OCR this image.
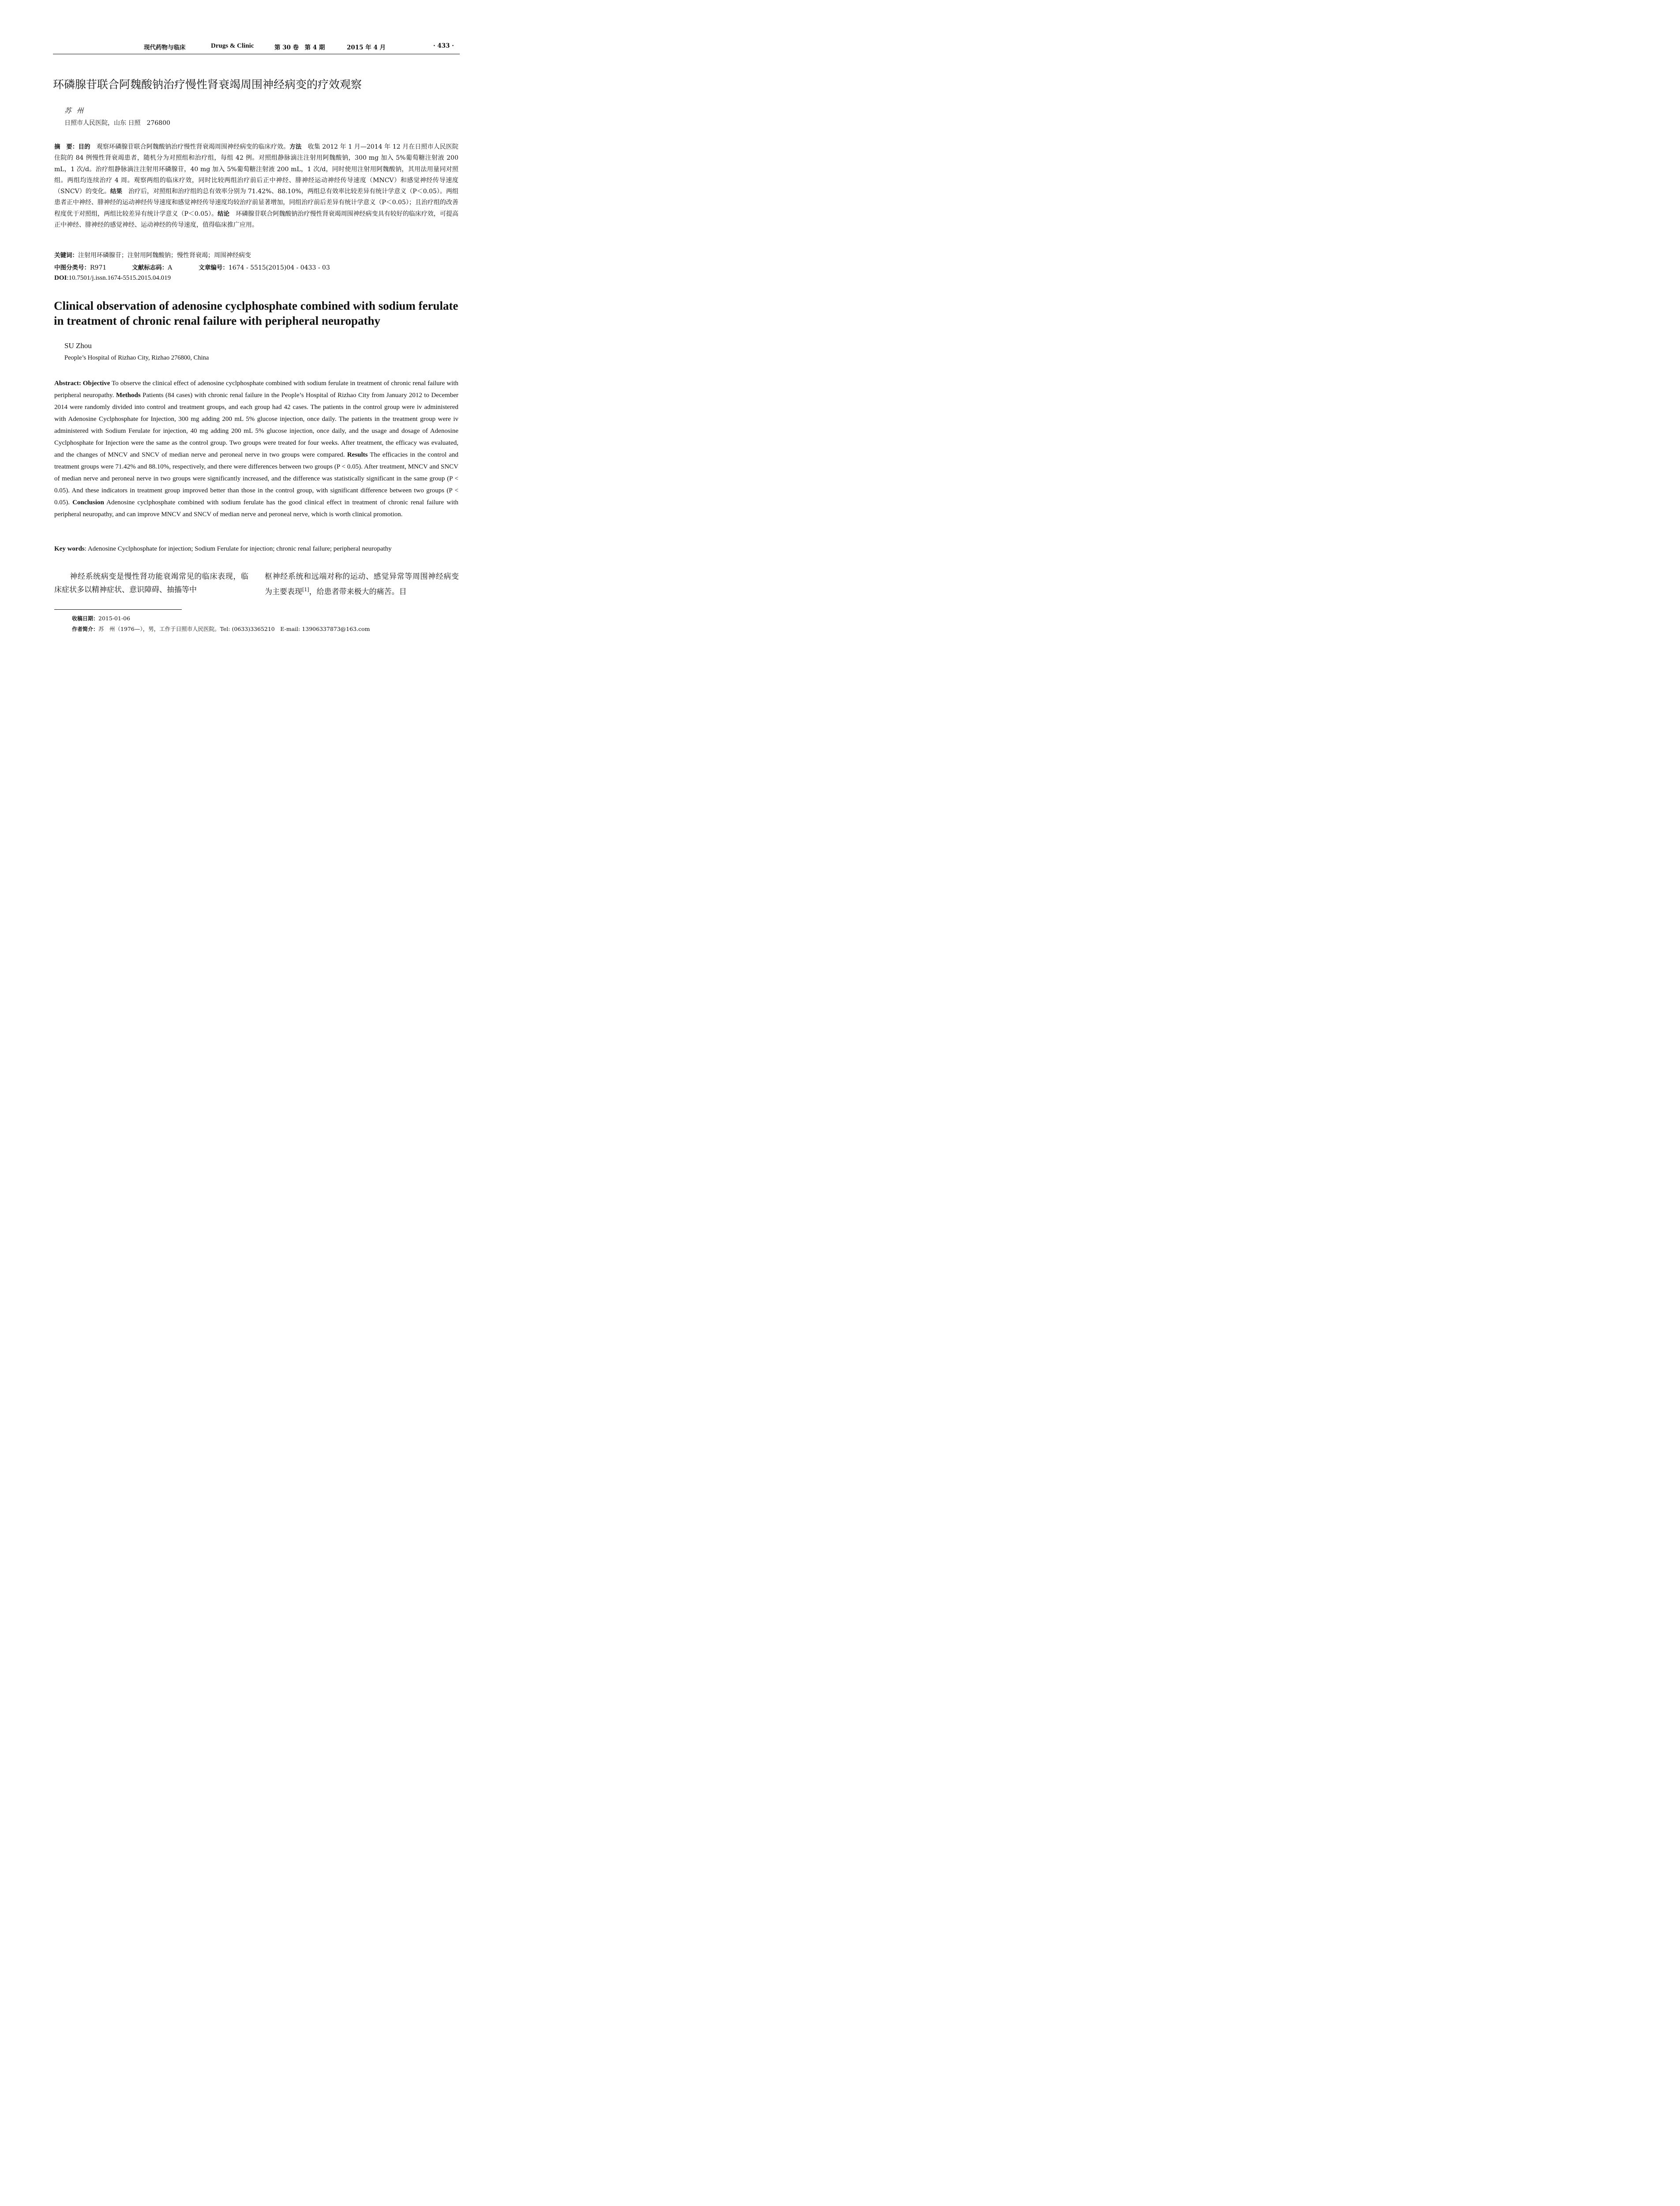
现代药物与临床	Drugs & Clinic	第 30 卷　第 4 期	2015 年 4 月	· 433 ·
环磷腺苷联合阿魏酸钠治疗慢性肾衰竭周围神经病变的疗效观察
苏州
日照市人民医院，山东 日照　276800
摘　要：目的　观察环磷腺苷联合阿魏酸钠治疗慢性肾衰竭周围神经病变的临床疗效。方法　收集 2012 年 1 月—2014 年 12 月在日照市人民医院住院的 84 例慢性肾衰竭患者，随机分为对照组和治疗组，每组 42 例。对照组静脉滴注注射用阿魏酸钠，300 mg 加入 5%葡萄糖注射液 200 mL，1 次/d。治疗组静脉滴注注射用环磷腺苷，40 mg 加入 5%葡萄糖注射液 200 mL，1 次/d，同时使用注射用阿魏酸钠，其用法用量同对照组。两组均连续治疗 4 周。观察两组的临床疗效，同时比较两组治疗前后正中神经、腓神经运动神经传导速度（MNCV）和感觉神经传导速度（SNCV）的变化。结果　治疗后，对照组和治疗组的总有效率分别为 71.42%、88.10%，两组总有效率比较差异有统计学意义（P＜0.05）。两组患者正中神经、腓神经的运动神经传导速度和感觉神经传导速度均较治疗前显著增加，同组治疗前后差异有统计学意义（P＜0.05）；且治疗组的改善程度优于对照组，两组比较差异有统计学意义（P＜0.05）。结论　环磷腺苷联合阿魏酸钠治疗慢性肾衰竭周围神经病变具有较好的临床疗效，可提高正中神经、腓神经的感觉神经、运动神经的传导速度，值得临床推广应用。
关键词：注射用环磷腺苷；注射用阿魏酸钠；慢性肾衰竭；周围神经病变
中图分类号：R971	文献标志码：A	文章编号：1674 - 5515(2015)04 - 0433 - 03
DOI:10.7501/j.issn.1674-5515.2015.04.019
Clinical observation of adenosine cyclphosphate combined with sodium ferulate in treatment of chronic renal failure with peripheral neuropathy
SU Zhou
People’s Hospital of Rizhao City, Rizhao 276800, China
Abstract: Objective To observe the clinical effect of adenosine cyclphosphate combined with sodium ferulate in treatment of chronic renal failure with peripheral neuropathy. Methods Patients (84 cases) with chronic renal failure in the People’s Hospital of Rizhao City from January 2012 to December 2014 were randomly divided into control and treatment groups, and each group had 42 cases. The patients in the control group were iv administered with Adenosine Cyclphosphate for Injection, 300 mg adding 200 mL 5% glucose injection, once daily. The patients in the treatment group were iv administered with Sodium Ferulate for injection, 40 mg adding 200 mL 5% glucose injection, once daily, and the usage and dosage of Adenosine Cyclphosphate for Injection were the same as the control group. Two groups were treated for four weeks. After treatment, the efficacy was evaluated, and the changes of MNCV and SNCV of median nerve and peroneal nerve in two groups were compared. Results The efficacies in the control and treatment groups were 71.42% and 88.10%, respectively, and there were differences between two groups (P < 0.05). After treatment, MNCV and SNCV of median nerve and peroneal nerve in two groups were significantly increased, and the difference was statistically significant in the same group (P < 0.05). And these indicators in treatment group improved better than those in the control group, with significant difference between two groups (P < 0.05). Conclusion Adenosine cyclphosphate combined with sodium ferulate has the good clinical effect in treatment of chronic renal failure with peripheral neuropathy, and can improve MNCV and SNCV of median nerve and peroneal nerve, which is worth clinical promotion.
Key words: Adenosine Cyclphosphate for injection; Sodium Ferulate for injection; chronic renal failure; peripheral neuropathy
　　神经系统病变是慢性肾功能衰竭常见的临床表现，临床症状多以精神症状、意识障碍、抽搐等中
枢神经系统和远端对称的运动、感觉异常等周围神经病变为主要表现[1]，给患者带来极大的痛苦。目
收稿日期：2015-01-06
作者简介：苏　州（1976—），男，工作于日照市人民医院。Tel: (0633)3365210　E-mail: 13906337873@163.com
